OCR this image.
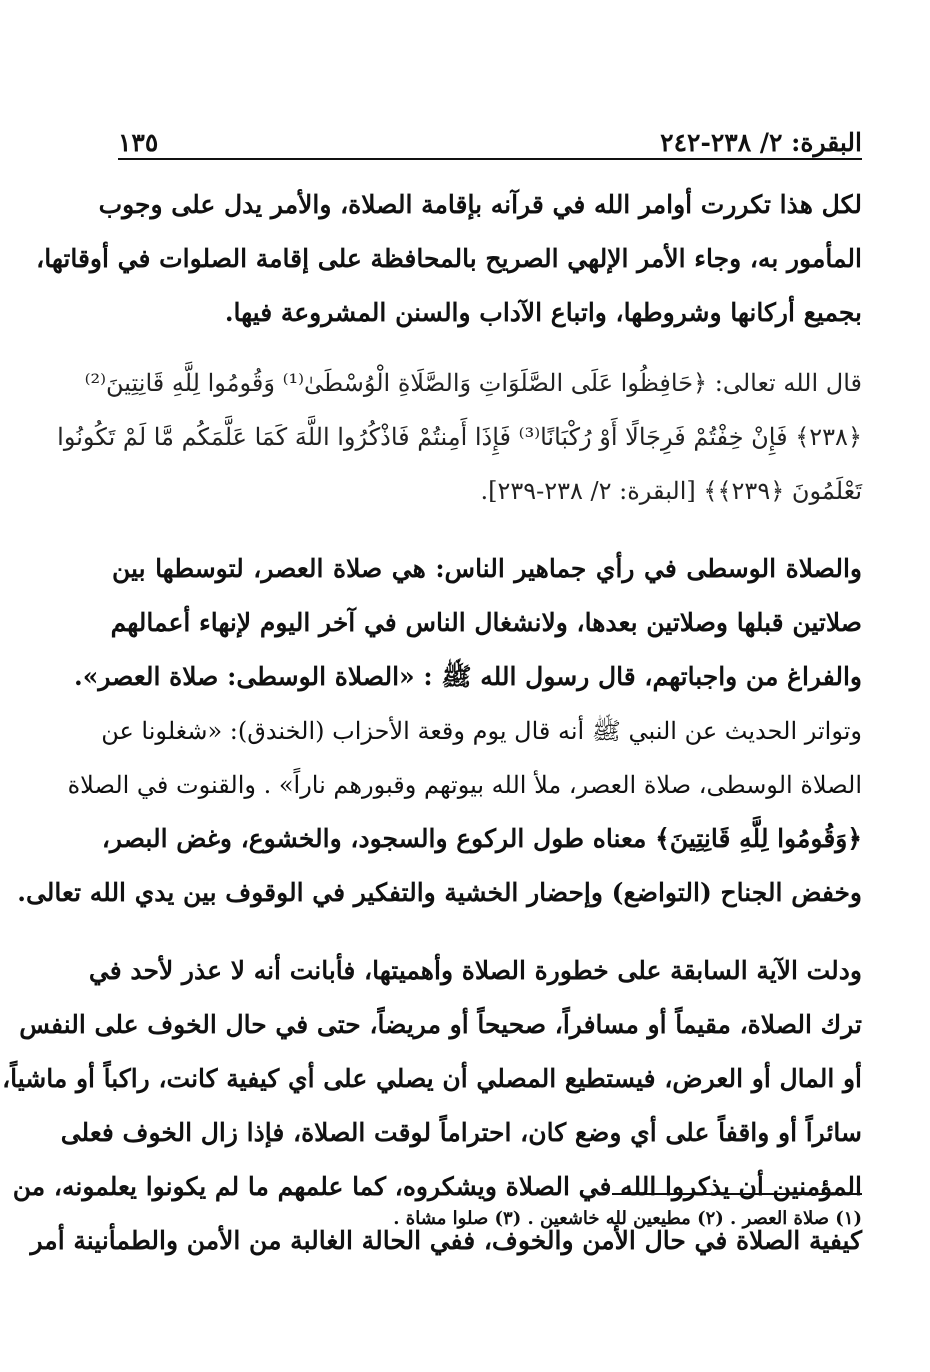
البقرة: ٢/ ٢٣٨-٢٤٢
١٣٥
لكل هذا تكررت أوامر الله في قرآنه بإقامة الصلاة، والأمر يدل على وجوب
المأمور به، وجاء الأمر الإلهي الصريح بالمحافظة على إقامة الصلوات في أوقاتها،
بجميع أركانها وشروطها، واتباع الآداب والسنن المشروعة فيها.
قال الله تعالى: ﴿حَافِظُوا عَلَى الصَّلَوَاتِ وَالصَّلَاةِ الْوُسْطَىٰ⁽¹⁾ وَقُومُوا لِلَّهِ قَانِتِينَ⁽²⁾
﴿٢٣٨﴾ فَإِنْ خِفْتُمْ فَرِجَالًا أَوْ رُكْبَانًا⁽³⁾ فَإِذَا أَمِنتُمْ فَاذْكُرُوا اللَّهَ كَمَا عَلَّمَكُم مَّا لَمْ تَكُونُوا
تَعْلَمُونَ ﴿٢٣٩﴾﴾ [البقرة: ٢/ ٢٣٨-٢٣٩].
والصلاة الوسطى في رأي جماهير الناس: هي صلاة العصر، لتوسطها بين
صلاتين قبلها وصلاتين بعدها، ولانشغال الناس في آخر اليوم لإنهاء أعمالهم
والفراغ من واجباتهم، قال رسول الله ﷺ : «الصلاة الوسطى: صلاة العصر».
وتواتر الحديث عن النبي ﷺ أنه قال يوم وقعة الأحزاب (الخندق): «شغلونا عن
الصلاة الوسطى، صلاة العصر، ملأ الله بيوتهم وقبورهم ناراً» . والقنوت في الصلاة
﴿وَقُومُوا لِلَّهِ قَانِتِينَ﴾ معناه طول الركوع والسجود، والخشوع، وغض البصر،
وخفض الجناح (التواضع) وإحضار الخشية والتفكير في الوقوف بين يدي الله تعالى.
ودلت الآية السابقة على خطورة الصلاة وأهميتها، فأبانت أنه لا عذر لأحد في
ترك الصلاة، مقيماً أو مسافراً، صحيحاً أو مريضاً، حتى في حال الخوف على النفس
أو المال أو العرض، فيستطيع المصلي أن يصلي على أي كيفية كانت، راكباً أو ماشياً،
سائراً أو واقفاً على أي وضع كان، احتراماً لوقت الصلاة، فإذا زال الخوف فعلى
المؤمنين أن يذكروا الله في الصلاة ويشكروه، كما علمهم ما لم يكونوا يعلمونه، من
كيفية الصلاة في حال الأمن والخوف، ففي الحالة الغالبة من الأمن والطمأنينة أمر
(١) صلاة العصر . (٢) مطيعين لله خاشعين . (٣) صلوا مشاة .
